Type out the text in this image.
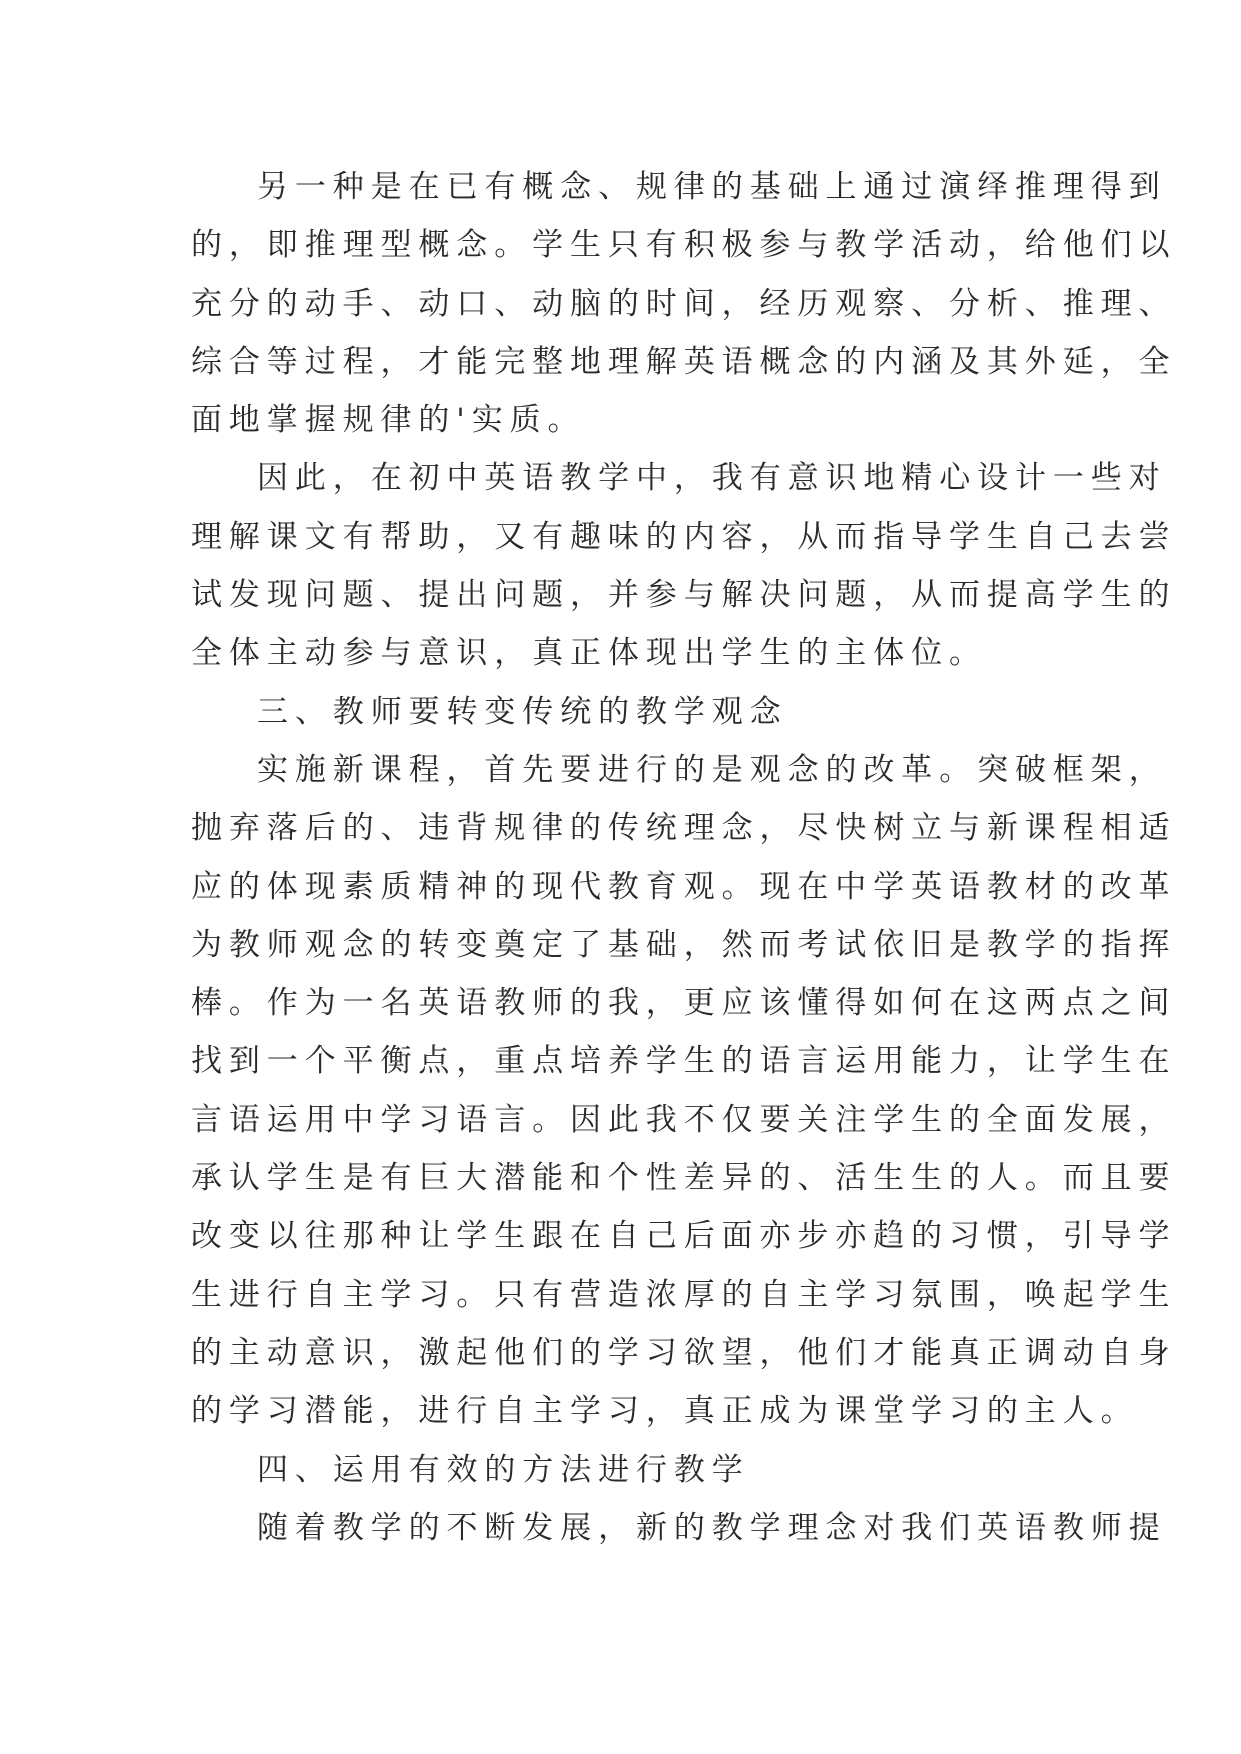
另一种是在已有概念、规律的基础上通过演绎推理得到
的，即推理型概念。学生只有积极参与教学活动，给他们以
充分的动手、动口、动脑的时间，经历观察、分析、推理、
综合等过程，才能完整地理解英语概念的内涵及其外延，全
面地掌握规律的'实质。
因此，在初中英语教学中，我有意识地精心设计一些对
理解课文有帮助，又有趣味的内容，从而指导学生自己去尝
试发现问题、提出问题，并参与解决问题，从而提高学生的
全体主动参与意识，真正体现出学生的主体位。
三、教师要转变传统的教学观念
实施新课程，首先要进行的是观念的改革。突破框架，
抛弃落后的、违背规律的传统理念，尽快树立与新课程相适
应的体现素质精神的现代教育观。现在中学英语教材的改革
为教师观念的转变奠定了基础，然而考试依旧是教学的指挥
棒。作为一名英语教师的我，更应该懂得如何在这两点之间
找到一个平衡点，重点培养学生的语言运用能力，让学生在
言语运用中学习语言。因此我不仅要关注学生的全面发展，
承认学生是有巨大潜能和个性差异的、活生生的人。而且要
改变以往那种让学生跟在自己后面亦步亦趋的习惯，引导学
生进行自主学习。只有营造浓厚的自主学习氛围，唤起学生
的主动意识，激起他们的学习欲望，他们才能真正调动自身
的学习潜能，进行自主学习，真正成为课堂学习的主人。
四、运用有效的方法进行教学
随着教学的不断发展，新的教学理念对我们英语教师提
